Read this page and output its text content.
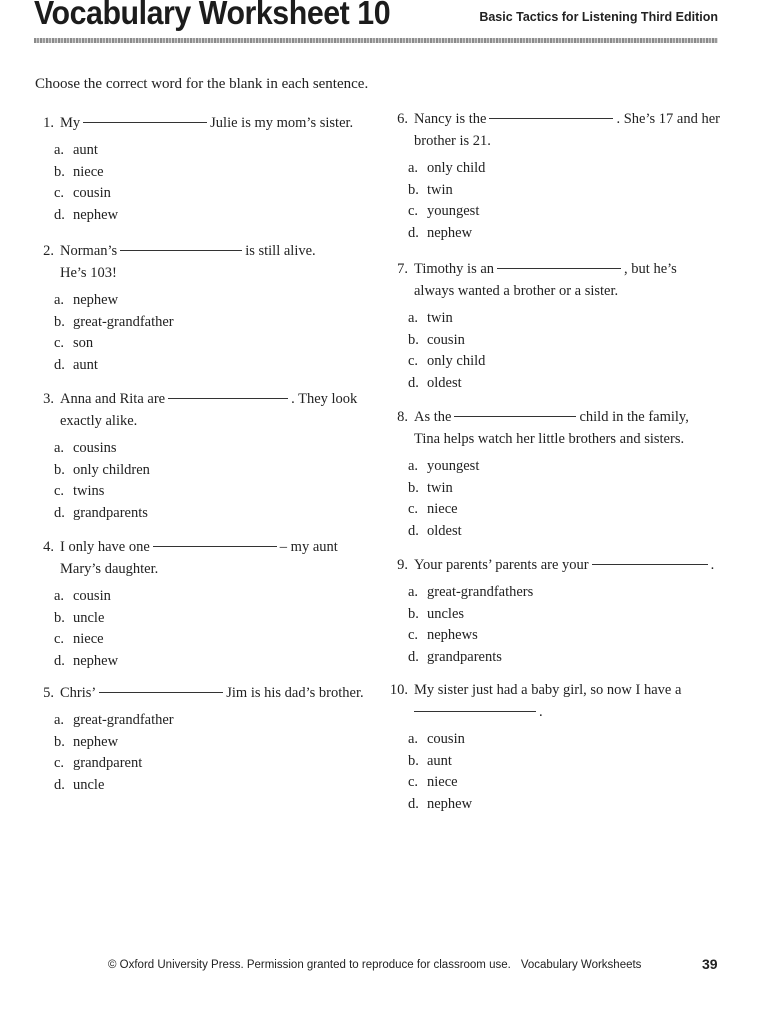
Vocabulary Worksheet 10	Basic Tactics for Listening Third Edition
Choose the correct word for the blank in each sentence.
1. My	Julie is my mom’s sister.
a. aunt
b. niece
c. cousin
d. nephew
2. Norman’s	is still alive.
He’s 103!
a. nephew
b. great-grandfather
c. son
d. aunt
3. Anna and Rita are	. They look
exactly alike.
a. cousins
b. only children
c. twins
d. grandparents
4. I only have one	– my aunt
Mary’s daughter.
a. cousin
b. uncle
c. niece
d. nephew
5. Chris’	Jim is his dad’s brother.
a. great-grandfather
b. nephew
c. grandparent
d. uncle
6. Nancy is the	. She’s 17 and her
brother is 21.
a. only child
b. twin
c. youngest
d. nephew
7. Timothy is an	, but he’s
always wanted a brother or a sister.
a. twin
b. cousin
c. only child
d. oldest
8. As the	child in the family,
Tina helps watch her little brothers and sisters.
a. youngest
b. twin
c. niece
d. oldest
9. Your parents’ parents are your	.
a. great-grandfathers
b. uncles
c. nephews
d. grandparents
10. My sister just had a baby girl, so now I have a
.
a. cousin
b. aunt
c. niece
d. nephew
© Oxford University Press. Permission granted to reproduce for classroom use. Vocabulary Worksheets	39
